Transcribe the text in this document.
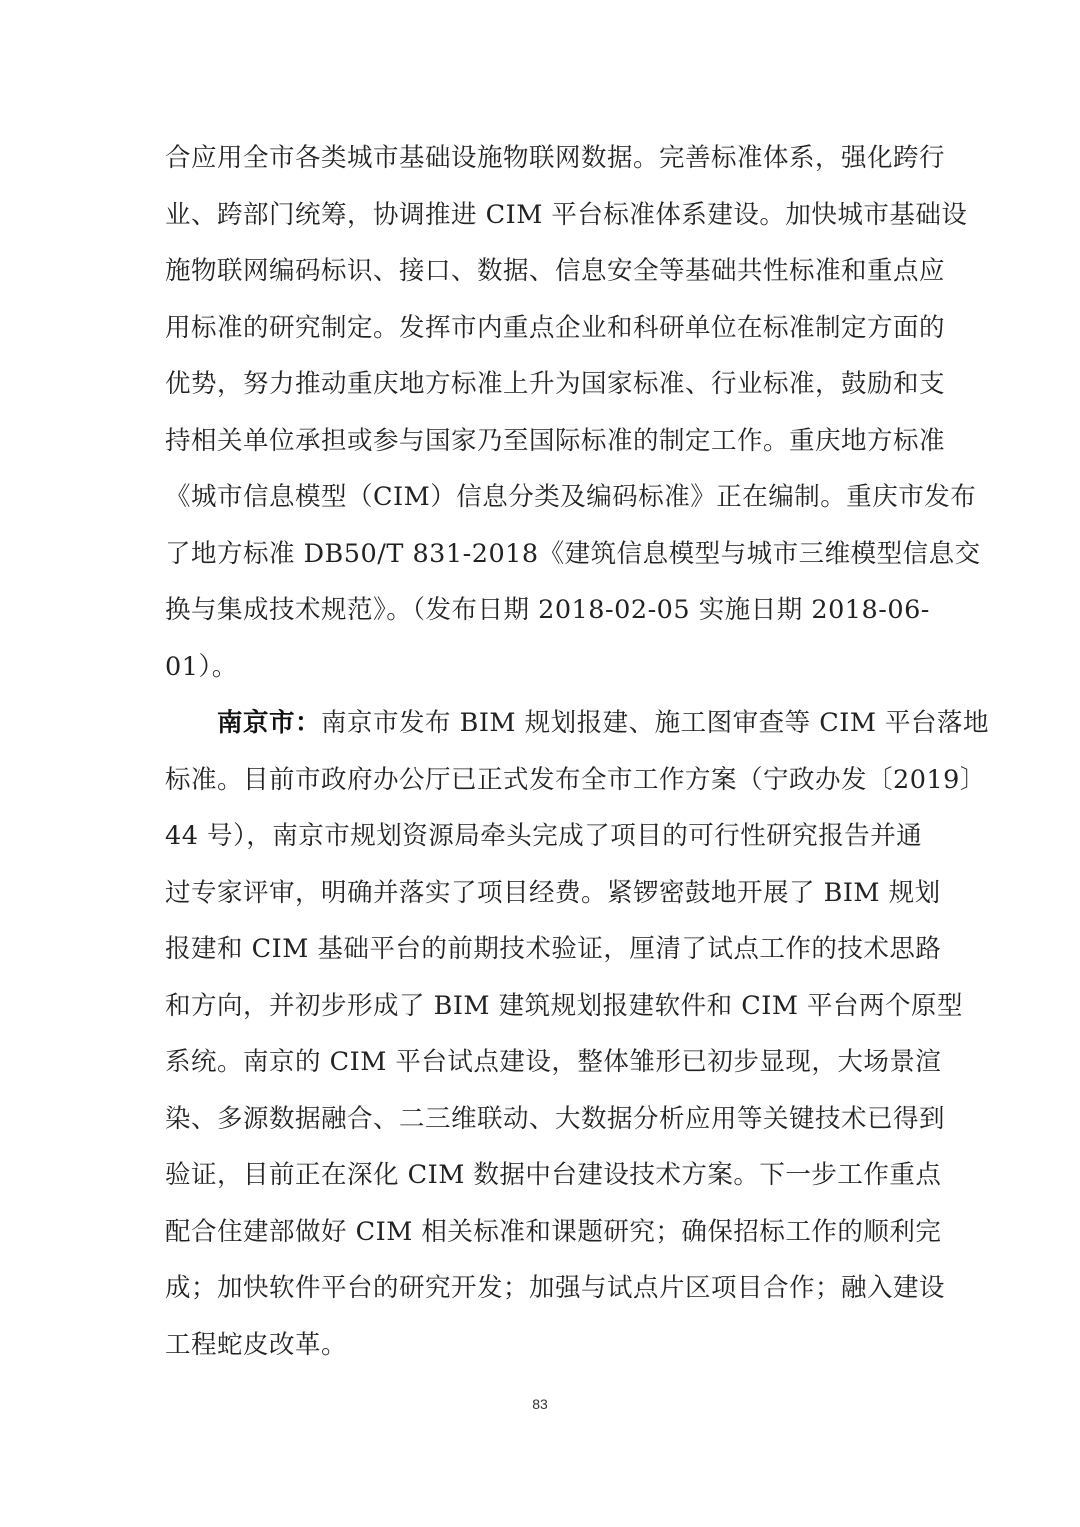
合应用全市各类城市基础设施物联网数据。完善标准体系，强化跨行
业、跨部门统筹，协调推进 CIM 平台标准体系建设。加快城市基础设
施物联网编码标识、接口、数据、信息安全等基础共性标准和重点应
用标准的研究制定。发挥市内重点企业和科研单位在标准制定方面的
优势，努力推动重庆地方标准上升为国家标准、行业标准，鼓励和支
持相关单位承担或参与国家乃至国际标准的制定工作。重庆地方标准
《城市信息模型（CIM）信息分类及编码标准》正在编制。重庆市发布
了地方标准 DB50/T 831-2018《建筑信息模型与城市三维模型信息交
换与集成技术规范》。（发布日期 2018-02-05 实施日期 2018-06-
01）。
南京市：南京市发布 BIM 规划报建、施工图审查等 CIM 平台落地
标准。目前市政府办公厅已正式发布全市工作方案（宁政办发〔2019〕
44 号），南京市规划资源局牵头完成了项目的可行性研究报告并通
过专家评审，明确并落实了项目经费。紧锣密鼓地开展了 BIM 规划
报建和 CIM 基础平台的前期技术验证，厘清了试点工作的技术思路
和方向，并初步形成了 BIM 建筑规划报建软件和 CIM 平台两个原型
系统。南京的 CIM 平台试点建设，整体雏形已初步显现，大场景渲
染、多源数据融合、二三维联动、大数据分析应用等关键技术已得到
验证，目前正在深化 CIM 数据中台建设技术方案。下一步工作重点
配合住建部做好 CIM 相关标准和课题研究；确保招标工作的顺利完
成；加快软件平台的研究开发；加强与试点片区项目合作；融入建设
工程蛇皮改革。
83
